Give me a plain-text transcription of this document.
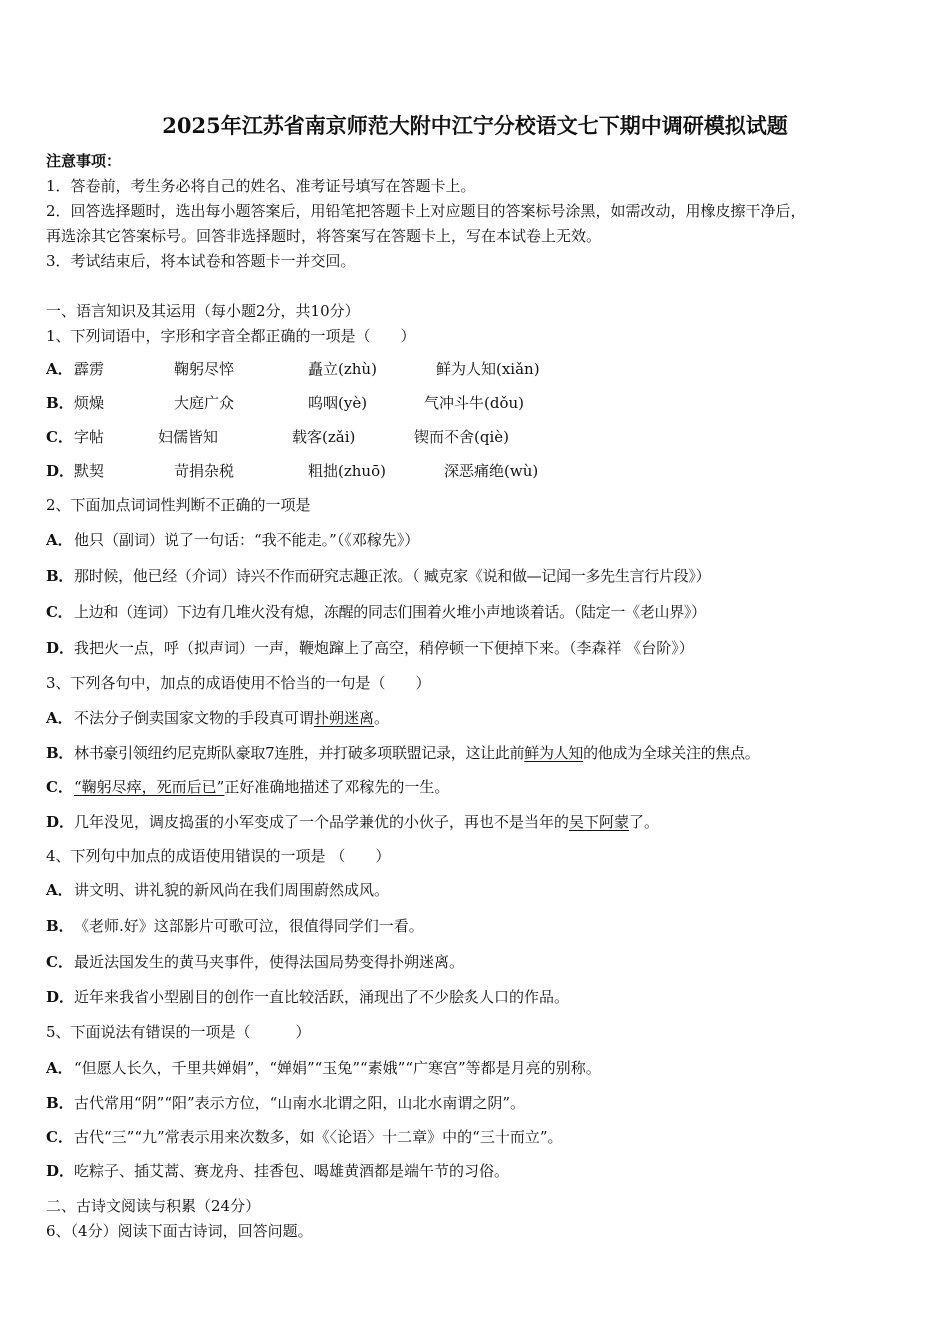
2025年江苏省南京师范大附中江宁分校语文七下期中调研模拟试题
注意事项：
1．答卷前，考生务必将自己的姓名、准考证号填写在答题卡上。
2．回答选择题时，选出每小题答案后，用铅笔把答题卡上对应题目的答案标号涂黑，如需改动，用橡皮擦干净后，
再选涂其它答案标号。回答非选择题时，将答案写在答题卡上，写在本试卷上无效。
3．考试结束后，将本试卷和答题卡一并交回。
一、语言知识及其运用（每小题2分，共10分）
1、下列词语中，字形和字音全都正确的一项是（　　）
A． 霹雳	鞠躬尽悴	矗立(zhù)	鲜为人知(xiǎn)
B． 烦燥	大庭广众	呜咽(yè)	气冲斗牛(dǒu)
C． 字帖	妇儒皆知	载客(zǎi)	锲而不舍(qiè)
D． 默契	苛捐杂税	粗拙(zhuō)	深恶痛绝(wù)
2、下面加点词词性判断不正确的一项是
A．他只（副词）说了一句话：“我不能走。”（《邓稼先》）
B．那时候，他已经（介词）诗兴不作而研究志趣正浓。（ 臧克家《说和做—记闻一多先生言行片段》）
C． 上边和（连词）下边有几堆火没有熄，冻醒的同志们围着火堆小声地谈着话。（陆定一《老山界》）
D．我把火一点，呼（拟声词）一声，鞭炮蹿上了高空，稍停顿一下便掉下来。（李森祥 《台阶》）
3、下列各句中，加点的成语使用不恰当的一句是（　　）
A．不法分子倒卖国家文物的手段真可谓扑朔迷离。
B．林书豪引领纽约尼克斯队豪取7连胜，并打破多项联盟记录，这让此前鲜为人知的他成为全球关注的焦点。
C．“鞠躬尽瘁，死而后已”正好准确地描述了邓稼先的一生。
D．几年没见，调皮捣蛋的小军变成了一个品学兼优的小伙子，再也不是当年的吴下阿蒙了。
4、下列句中加点的成语使用错误的一项是 （　　）
A．讲文明、讲礼貌的新风尚在我们周围蔚然成风。
B．《老师.好》这部影片可歌可泣，很值得同学们一看。
C．最近法国发生的黄马夹事件，使得法国局势变得扑朔迷离。
D．近年来我省小型剧目的创作一直比较活跃，涌现出了不少脍炙人口的作品。
5、下面说法有错误的一项是（　　　）
A．“但愿人长久，千里共婵娟”，“婵娟”“玉兔”“素娥”“广寒宫”等都是月亮的别称。
B．古代常用“阴”“阳”表示方位，“山南水北谓之阳，山北水南谓之阴”。
C．古代“三”“九”常表示用来次数多，如《〈论语〉十二章》中的“三十而立”。
D．吃粽子、插艾蒿、赛龙舟、挂香包、喝雄黄酒都是端午节的习俗。
二、古诗文阅读与积累（24分）
6、（4分）阅读下面古诗词，回答问题。
